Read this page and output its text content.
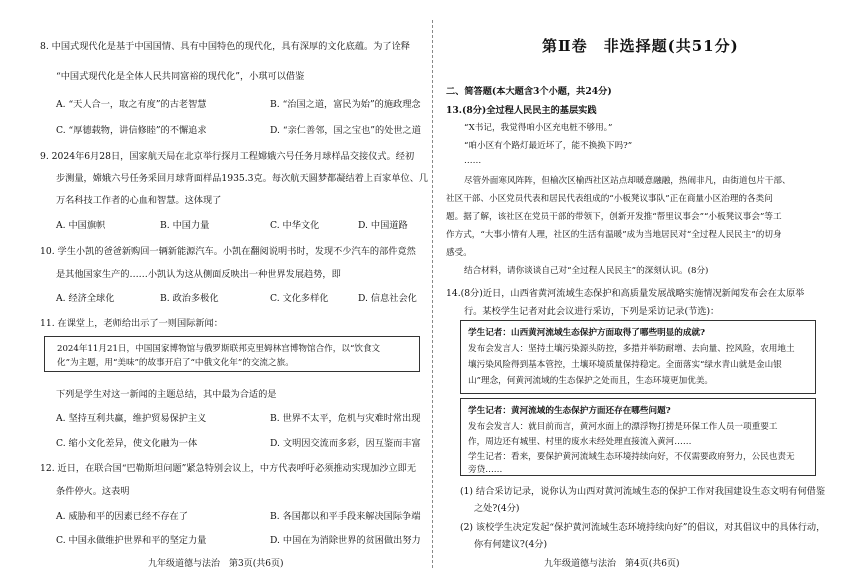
8. 中国式现代化是基于中国国情、具有中国特色的现代化，具有深厚的文化底蕴。为了诠释
“中国式现代化是全体人民共同富裕的现代化”，小琪可以借鉴
A. “天人合一，取之有度”的古老智慧	B. “治国之道，富民为始”的施政理念
C. “厚德载物，讲信修睦”的不懈追求	D. “亲仁善邻，国之宝也”的处世之道
9. 2024年6月28日，国家航天局在北京举行探月工程嫦娥六号任务月球样品交接仪式。经初
步测量，嫦娥六号任务采回月球背面样品1935.3克。每次航天圆梦都凝结着上百家单位、几
万名科技工作者的心血和智慧。这体现了
A. 中国旗帜	B. 中国力量	C. 中华文化	D. 中国道路
10. 学生小凯的爸爸新购回一辆新能源汽车。小凯在翻阅说明书时，发现不少汽车的部件竟然
是其他国家生产的……小凯认为这从侧面反映出一种世界发展趋势，即
A. 经济全球化	B. 政治多极化	C. 文化多样化	D. 信息社会化
11. 在课堂上，老师给出示了一则国际新闻：
2024年11月21日，中国国家博物馆与俄罗斯联邦克里姆林宫博物馆合作，以“饮食文
化”为主题，用“美味”的故事开启了“中俄文化年”的交流之旅。
下列是学生对这一新闻的主题总结，其中最为合适的是
A. 坚持互利共赢，维护贸易保护主义	B. 世界不太平，危机与灾难时常出现
C. 缩小文化差异，使文化融为一体	D. 文明因交流而多彩，因互鉴而丰富
12. 近日，在联合国“巴勒斯坦问题”紧急特别会议上，中方代表呼吁必须推动实现加沙立即无
条件停火。这表明
A. 威胁和平的因素已经不存在了	B. 各国都以和平手段来解决国际争端
C. 中国永做维护世界和平的坚定力量	D. 中国在为消除世界的贫困做出努力
九年级道德与法治　第3页(共6页)
第Ⅱ卷　非选择题(共51分)
二、简答题(本大题含3个小题，共24分)
13.(8分)全过程人民民主的基层实践
“X书记，我觉得咱小区充电桩不够用。”
“咱小区有个路灯最近坏了，能不换换下吗?”
……
尽管外面寒风阵阵，但榆次区榆西社区站点却暖意融融，热闹非凡，由街道包片干部、
社区干部、小区党员代表和居民代表组成的“小板凳议事队”正在商量小区治理的各类问
题。据了解，该社区在党员干部的带领下，创新开发推“帮里议事会”“小板凳议事会”等工
作方式，“大事小情有人理，社区的生活有温暖”成为当地居民对“全过程人民民主”的切身
感受。
结合材料，请你谈谈自己对“全过程人民民主”的深刻认识。(8分)
14.(8分)近日，山西省黄河流域生态保护和高质量发展战略实施情况新闻发布会在太原举
行。某校学生记者对此会议进行采访，下列是采访记录(节选)：
学生记者：山西黄河流域生态保护方面取得了哪些明显的成就?
发布会发言人：坚持土壤污染源头防控，多措并举防耐增、去向量、控风险，农用地土
壤污染风险得到基本管控，土壤环境质量保持稳定。全面落实“绿水青山就是金山银
山”理念，何黄河流域的生态保护之处而且，生态环境更加优美。
学生记者：黄河流域的生态保护方面还存在哪些问题?
发布会发言人：就目前而言，黄河水面上的漂浮物打捞是环保工作人员一项重要工
作，周边还有城里、村里的废水未经处理直接流入黄河……
学生记者：看来，要保护黄河流域生态环境持续向好，不仅需要政府努力，公民也责无
旁贷……
(1) 结合采访记录，说你认为山西对黄河流域生态的保护工作对我国建设生态文明有何借鉴
之处?(4分)
(2) 该校学生决定发起“保护黄河流域生态环境持续向好”的倡议，对其倡议中的具体行动，
你有何建议?(4分)
九年级道德与法治　第4页(共6页)
